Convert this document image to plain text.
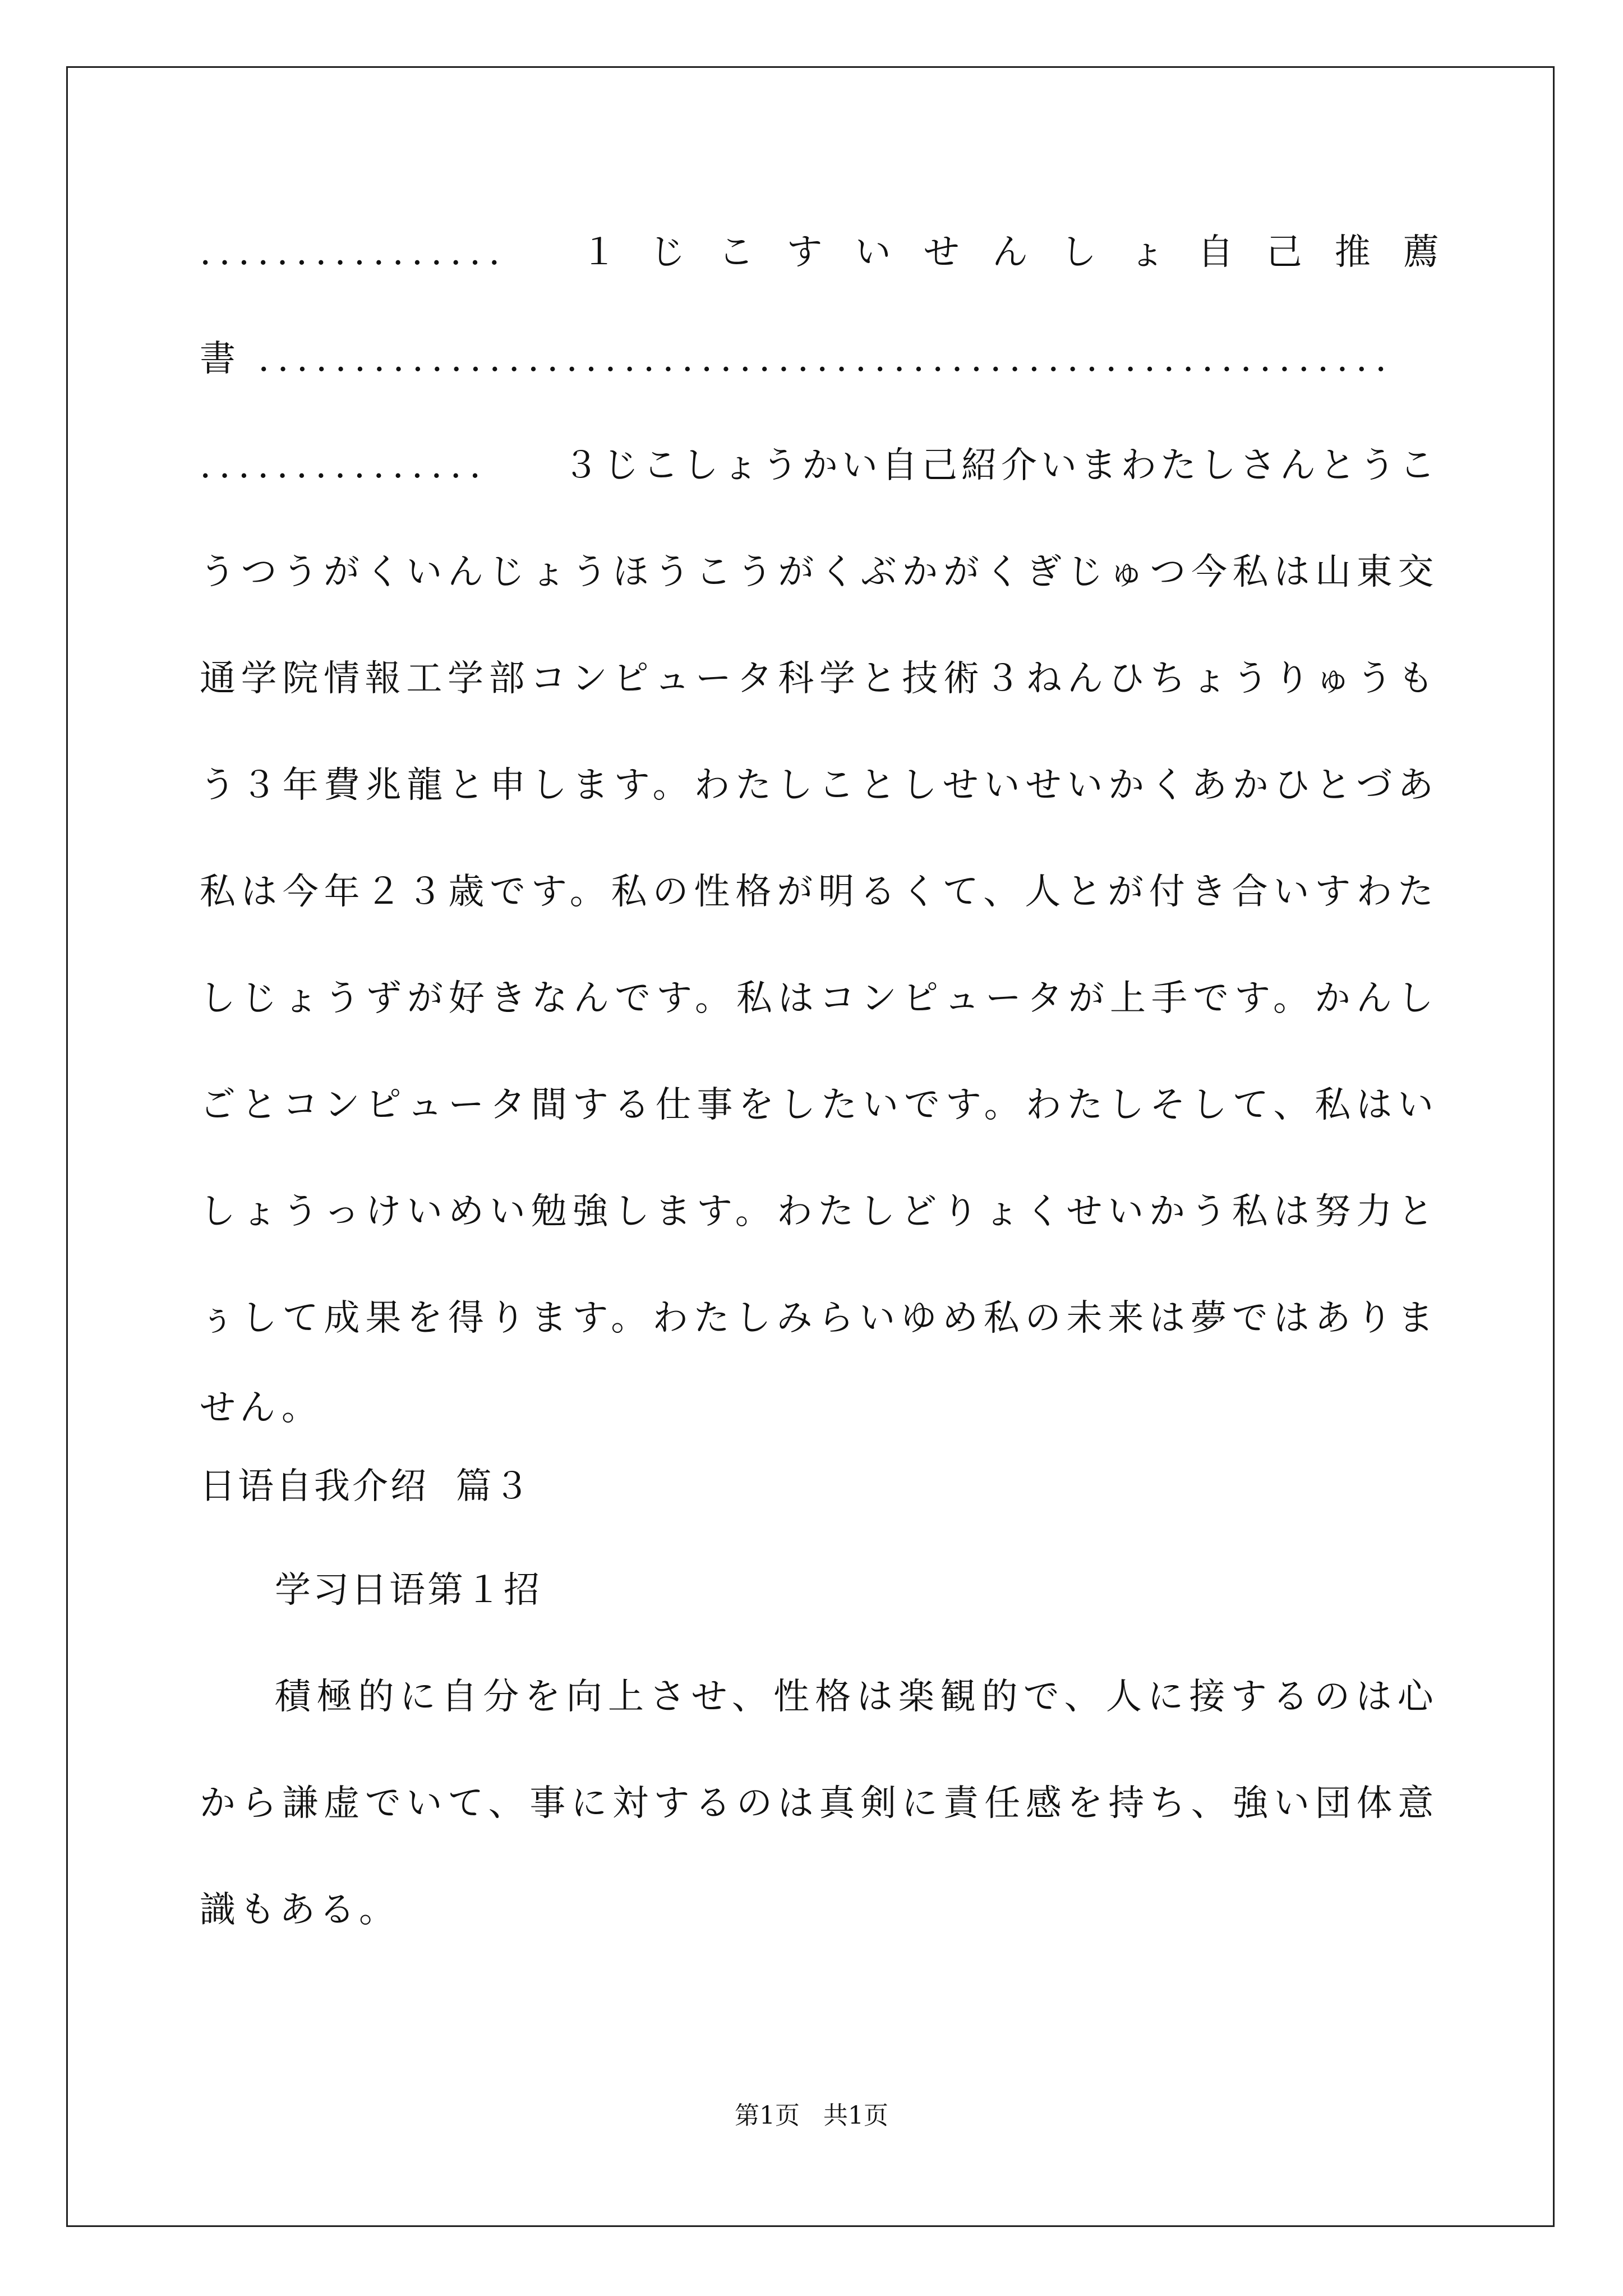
................ １ じ こ す い せ ん し ょ 自 己 推 薦
書 ...........................................................
............... ３じこしょうかい自己紹介いまわたしさんとうこ
うつうがくいんじょうほうこうがくぶかがくぎじゅつ今私は山東交
通学院情報工学部コンピュータ科学と技術３ねんひちょうりゅうも
う３年費兆龍と申します。わたしことしせいせいかくあかひとづあ
私は今年２３歳です。私の性格が明るくて、人とが付き合いすわた
しじょうずが好きなんです。私はコンピュータが上手です。かんし
ごとコンピュータ間する仕事をしたいです。わたしそして、私はい
しょうっけいめい勉強します。わたしどりょくせいかう私は努力と
ぅして成果を得ります。わたしみらいゆめ私の未来は夢ではありま
せん。
日语自我介绍  篇３
学习日语第１招
積極的に自分を向上させ、性格は楽観的で、人に接するのは心
から謙虚でいて、事に対するのは真剣に責任感を持ち、強い団体意
識もある。
第1页   共1页
